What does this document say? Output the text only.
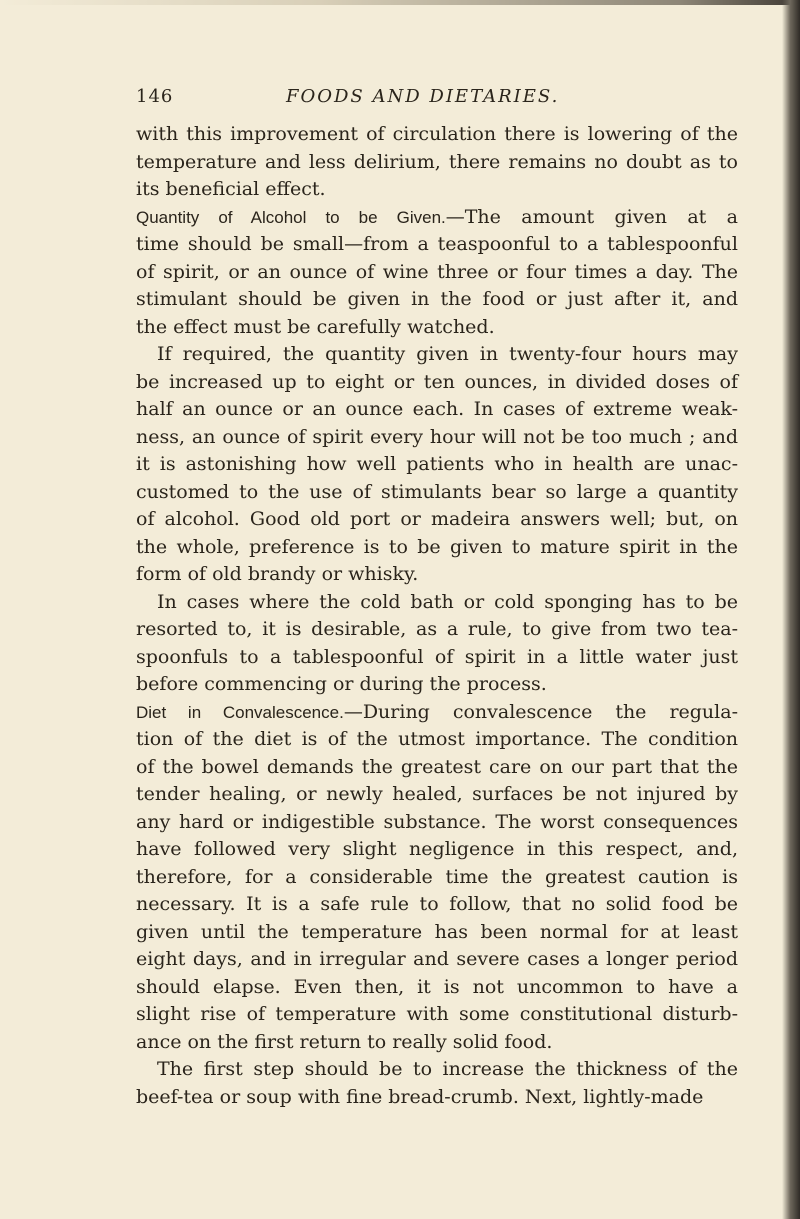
146	FOODS AND DIETARIES.
with this improvement of circulation there is lowering of the
temperature and less delirium, there remains no doubt as to
its beneficial effect.
Quantity of Alcohol to be Given.—The amount given at a
time should be small—from a teaspoonful to a tablespoonful
of spirit, or an ounce of wine three or four times a day. The
stimulant should be given in the food or just after it, and
the effect must be carefully watched.
If required, the quantity given in twenty-four hours may
be increased up to eight or ten ounces, in divided doses of
half an ounce or an ounce each. In cases of extreme weak-
ness, an ounce of spirit every hour will not be too much ; and
it is astonishing how well patients who in health are unac-
customed to the use of stimulants bear so large a quantity
of alcohol. Good old port or madeira answers well; but, on
the whole, preference is to be given to mature spirit in the
form of old brandy or whisky.
In cases where the cold bath or cold sponging has to be
resorted to, it is desirable, as a rule, to give from two tea-
spoonfuls to a tablespoonful of spirit in a little water just
before commencing or during the process.
Diet in Convalescence.—During convalescence the regula-
tion of the diet is of the utmost importance. The condition
of the bowel demands the greatest care on our part that the
tender healing, or newly healed, surfaces be not injured by
any hard or indigestible substance. The worst consequences
have followed very slight negligence in this respect, and,
therefore, for a considerable time the greatest caution is
necessary. It is a safe rule to follow, that no solid food be
given until the temperature has been normal for at least
eight days, and in irregular and severe cases a longer period
should elapse. Even then, it is not uncommon to have a
slight rise of temperature with some constitutional disturb-
ance on the first return to really solid food.
The first step should be to increase the thickness of the
beef-tea or soup with fine bread-crumb. Next, lightly-made
